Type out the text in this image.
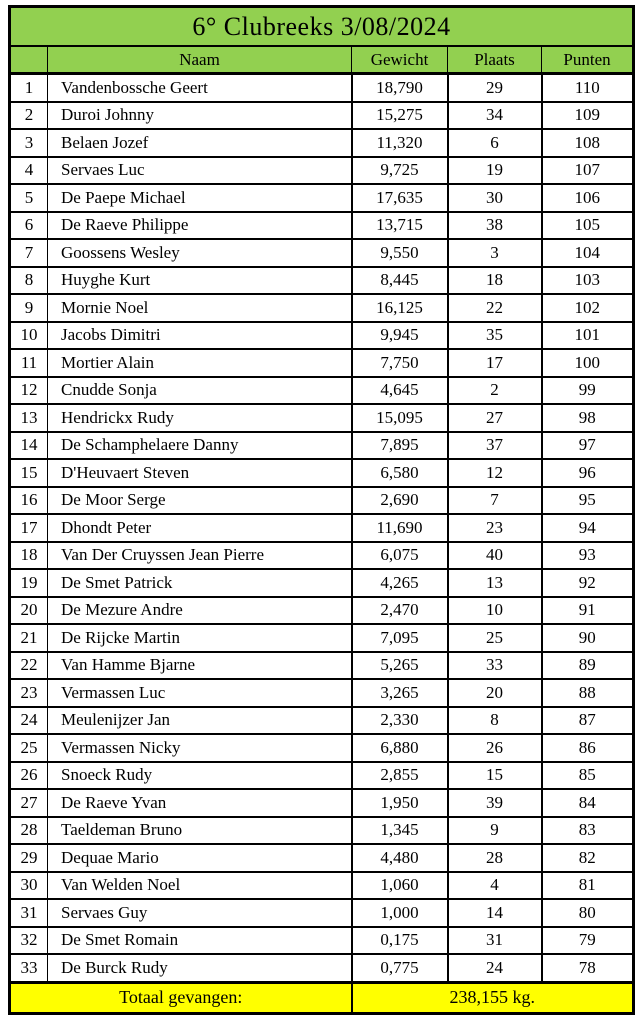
6° Clubreeks 3/08/2024				
	Naam	Gewicht	Plaats	Punten
1	Vandenbossche Geert	18,790	29	110
2	Duroi Johnny	15,275	34	109
3	Belaen Jozef	11,320	6	108
4	Servaes Luc	9,725	19	107
5	De Paepe Michael	17,635	30	106
6	De Raeve Philippe	13,715	38	105
7	Goossens Wesley	9,550	3	104
8	Huyghe Kurt	8,445	18	103
9	Mornie Noel	16,125	22	102
10	Jacobs Dimitri	9,945	35	101
11	Mortier Alain	7,750	17	100
12	Cnudde Sonja	4,645	2	99
13	Hendrickx Rudy	15,095	27	98
14	De Schamphelaere Danny	7,895	37	97
15	D'Heuvaert Steven	6,580	12	96
16	De Moor Serge	2,690	7	95
17	Dhondt Peter	11,690	23	94
18	Van Der Cruyssen Jean Pierre	6,075	40	93
19	De Smet Patrick	4,265	13	92
20	De Mezure Andre	2,470	10	91
21	De Rijcke Martin	7,095	25	90
22	Van Hamme Bjarne	5,265	33	89
23	Vermassen Luc	3,265	20	88
24	Meulenijzer Jan	2,330	8	87
25	Vermassen Nicky	6,880	26	86
26	Snoeck Rudy	2,855	15	85
27	De Raeve Yvan	1,950	39	84
28	Taeldeman Bruno	1,345	9	83
29	Dequae Mario	4,480	28	82
30	Van Welden Noel	1,060	4	81
31	Servaes Guy	1,000	14	80
32	De Smet Romain	0,175	31	79
33	De Burck Rudy	0,775	24	78
Totaal gevangen:		238,155 kg.		
